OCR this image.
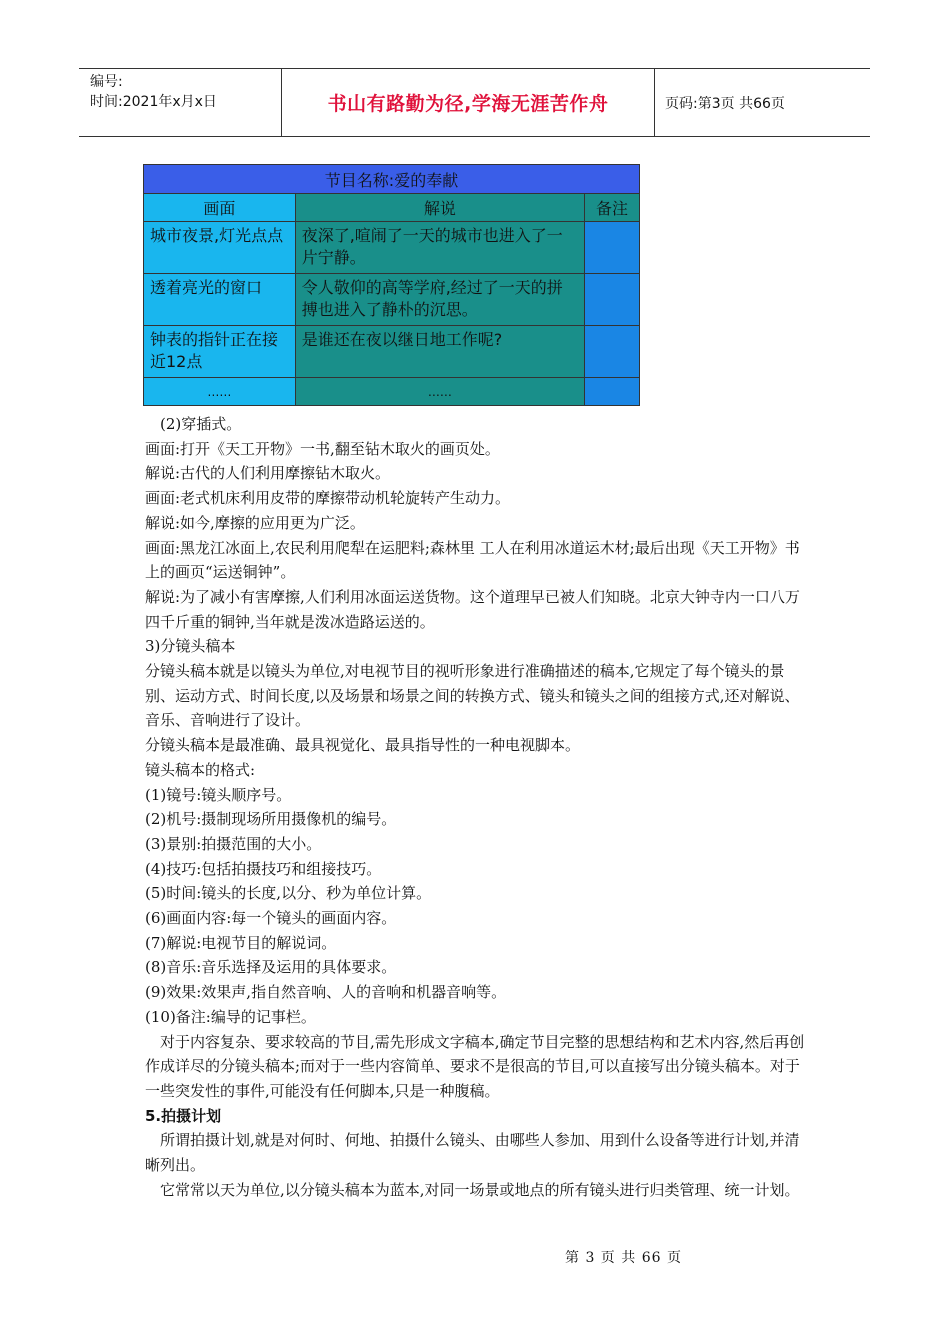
编号:
时间:2021年x月x日	书山有路勤为径,学海无涯苦作舟	页码:第3页 共66页
节目名称:爱的奉献		
画面	解说	备注
城市夜景,灯光点点	夜深了,喧闹了一天的城市也进入了一片宁静。	
透着亮光的窗口	令人敬仰的高等学府,经过了一天的拼搏也进入了静朴的沉思。	
钟表的指针正在接近12点	是谁还在夜以继日地工作呢?	
……	……	

(2)穿插式。

画面:打开《天工开物》一书,翻至钻木取火的画页处。

解说:古代的人们利用摩擦钻木取火。

画面:老式机床利用皮带的摩擦带动机轮旋转产生动力。

解说:如今,摩擦的应用更为广泛。

画面:黑龙江冰面上,农民利用爬犁在运肥料;森林里 工人在利用冰道运木材;最后出现《天工开物》书上的画页“运送铜钟”。

解说:为了减小有害摩擦,人们利用冰面运送货物。这个道理早已被人们知晓。北京大钟寺内一口八万四千斤重的铜钟,当年就是泼冰造路运送的。

3)分镜头稿本

分镜头稿本就是以镜头为单位,对电视节目的视听形象进行准确描述的稿本,它规定了每个镜头的景别、运动方式、时间长度,以及场景和场景之间的转换方式、镜头和镜头之间的组接方式,还对解说、音乐、音响进行了设计。

分镜头稿本是最准确、最具视觉化、最具指导性的一种电视脚本。

镜头稿本的格式:

(1)镜号:镜头顺序号。

(2)机号:摄制现场所用摄像机的编号。

(3)景别:拍摄范围的大小。

(4)技巧:包括拍摄技巧和组接技巧。

(5)时间:镜头的长度,以分、秒为单位计算。

(6)画面内容:每一个镜头的画面内容。

(7)解说:电视节目的解说词。

(8)音乐:音乐选择及运用的具体要求。

(9)效果:效果声,指自然音响、人的音响和机器音响等。

(10)备注:编导的记事栏。

对于内容复杂、要求较高的节目,需先形成文字稿本,确定节目完整的思想结构和艺术内容,然后再创作成详尽的分镜头稿本;而对于一些内容简单、要求不是很高的节目,可以直接写出分镜头稿本。对于一些突发性的事件,可能没有任何脚本,只是一种腹稿。

5.拍摄计划

所谓拍摄计划,就是对何时、何地、拍摄什么镜头、由哪些人参加、用到什么设备等进行计划,并清晰列出。

它常常以天为单位,以分镜头稿本为蓝本,对同一场景或地点的所有镜头进行归类管理、统一计划。

第 3 页 共 66 页
